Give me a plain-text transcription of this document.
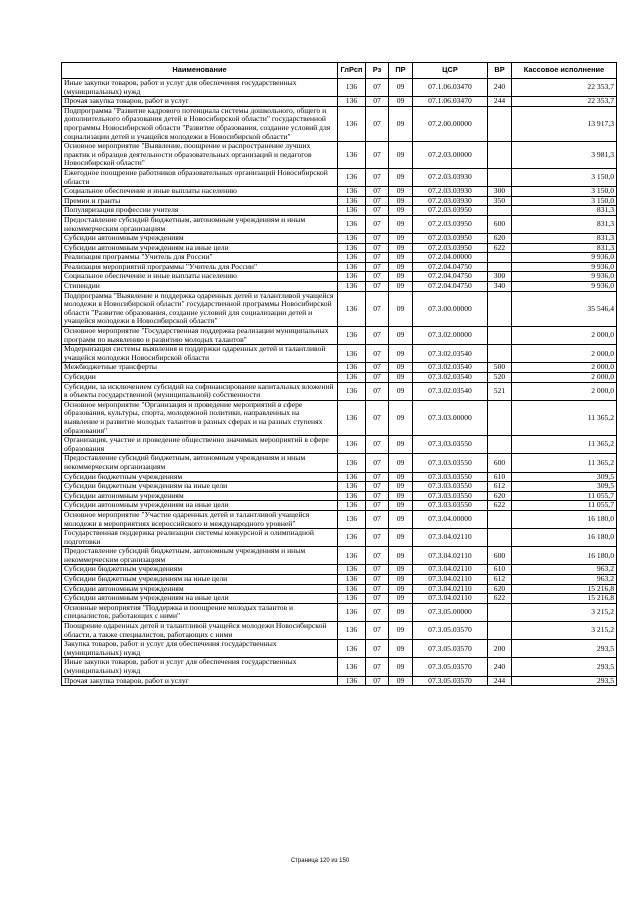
Наименование	ГлРсп	Рз	ПР	ЦСР	ВР	Кассовое исполнение
Иные закупки товаров, работ и услуг для обеспечения государственных (муниципальных) нужд	136	07	09	07.1.06.03470	240	22 353,7
Прочая закупка товаров, работ и услуг	136	07	09	07.1.06.03470	244	22 353,7
Подпрограмма "Развитие кадрового потенциала системы дошкольного, общего и дополнительного образования детей в Новосибирской области" государственной программы Новосибирской области "Развитие образования, создание условий для социализации детей и учащейся молодежи в Новосибирской области"	136	07	09	07.2.00.00000		13 917,3
Основное мероприятие "Выявление, поощрение и распространение лучших практик и образцов деятельности образовательных организаций и педагогов Новосибирской области"	136	07	09	07.2.03.00000		3 981,3
Ежегодное поощрение работников образовательных организаций Новосибирской области	136	07	09	07.2.03.03930		3 150,0
Социальное обеспечение и иные выплаты населению	136	07	09	07.2.03.03930	300	3 150,0
Премии и гранты	136	07	09	07.2.03.03930	350	3 150,0
Популяризация профессии учителя	136	07	09	07.2.03.03950		831,3
Предоставление субсидий бюджетным, автономным учреждениям и иным некоммерческим организациям	136	07	09	07.2.03.03950	600	831,3
Субсидии автономным учреждениям	136	07	09	07.2.03.03950	620	831,3
Субсидии автономным учреждениям на иные цели	136	07	09	07.2.03.03950	622	831,3
Реализация программы "Учитель для России"	136	07	09	07.2.04.00000		9 936,0
Реализация мероприятий программы "Учитель для России"	136	07	09	07.2.04.04750		9 936,0
Социальное обеспечение и иные выплаты населению	136	07	09	07.2.04.04750	300	9 936,0
Стипендии	136	07	09	07.2.04.04750	340	9 936,0
Подпрограмма "Выявление и поддержка одаренных детей и талантливой учащейся молодежи в Новосибирской области" государственной программы Новосибирской области "Развитие образования, создание условий для социализации детей и учащейся молодежи в Новосибирской области"	136	07	09	07.3.00.00000		35 546,4
Основное мероприятие "Государственная поддержка реализации муниципальных программ по выявлению и развитию молодых талантов"	136	07	09	07.3.02.00000		2 000,0
Модернизация системы выявления и поддержки одаренных детей и талантливой учащейся молодежи Новосибирской области	136	07	09	07.3.02.03540		2 000,0
Межбюджетные трансферты	136	07	09	07.3.02.03540	500	2 000,0
Субсидии	136	07	09	07.3.02.03540	520	2 000,0
Субсидии, за исключением субсидий на софинансирование капитальных вложений в объекты государственной (муниципальной) собственности	136	07	09	07.3.02.03540	521	2 000,0
Основное мероприятие "Организация и проведение мероприятий в сфере образования, культуры, спорта, молодежной политики, направленных на выявление и развитие молодых талантов в разных сферах и на разных ступенях образования"	136	07	09	07.3.03.00000		11 365,2
Организация, участие и проведение общественно значимых мероприятий в сфере образования	136	07	09	07.3.03.03550		11 365,2
Предоставление субсидий бюджетным, автономным учреждениям и иным некоммерческим организациям	136	07	09	07.3.03.03550	600	11 365,2
Субсидии бюджетным учреждениям	136	07	09	07.3.03.03550	610	309,5
Субсидии бюджетным учреждениям на иные цели	136	07	09	07.3.03.03550	612	309,5
Субсидии автономным учреждениям	136	07	09	07.3.03.03550	620	11 055,7
Субсидии автономным учреждениям на иные цели	136	07	09	07.3.03.03550	622	11 055,7
Основное мероприятие "Участие одаренных детей и талантливой учащейся молодежи в мероприятиях всероссийского и международного уровней"	136	07	09	07.3.04.00000		16 180,0
Государственная поддержка реализации системы конкурсной и олимпиадной подготовки	136	07	09	07.3.04.02110		16 180,0
Предоставление субсидий бюджетным, автономным учреждениям и иным некоммерческим организациям	136	07	09	07.3.04.02110	600	16 180,0
Субсидии бюджетным учреждениям	136	07	09	07.3.04.02110	610	963,2
Субсидии бюджетным учреждениям на иные цели	136	07	09	07.3.04.02110	612	963,2
Субсидии автономным учреждениям	136	07	09	07.3.04.02110	620	15 216,8
Субсидии автономным учреждениям на иные цели	136	07	09	07.3.04.02110	622	15 216,8
Основные мероприятия "Поддержка и поощрение молодых талантов и специалистов, работающих с ними"	136	07	09	07.3.05.00000		3 215,2
Поощрение одаренных детей и талантливой учащейся молодежи Новосибирской области, а также специалистов, работающих с ними	136	07	09	07.3.05.03570		3 215,2
Закупка товаров, работ и услуг для обеспечения государственных (муниципальных) нужд	136	07	09	07.3.05.03570	200	293,5
Иные закупки товаров, работ и услуг для обеспечения государственных (муниципальных) нужд	136	07	09	07.3.05.03570	240	293,5
Прочая закупка товаров, работ и услуг	136	07	09	07.3.05.03570	244	293,5
Страница 120 из 150
